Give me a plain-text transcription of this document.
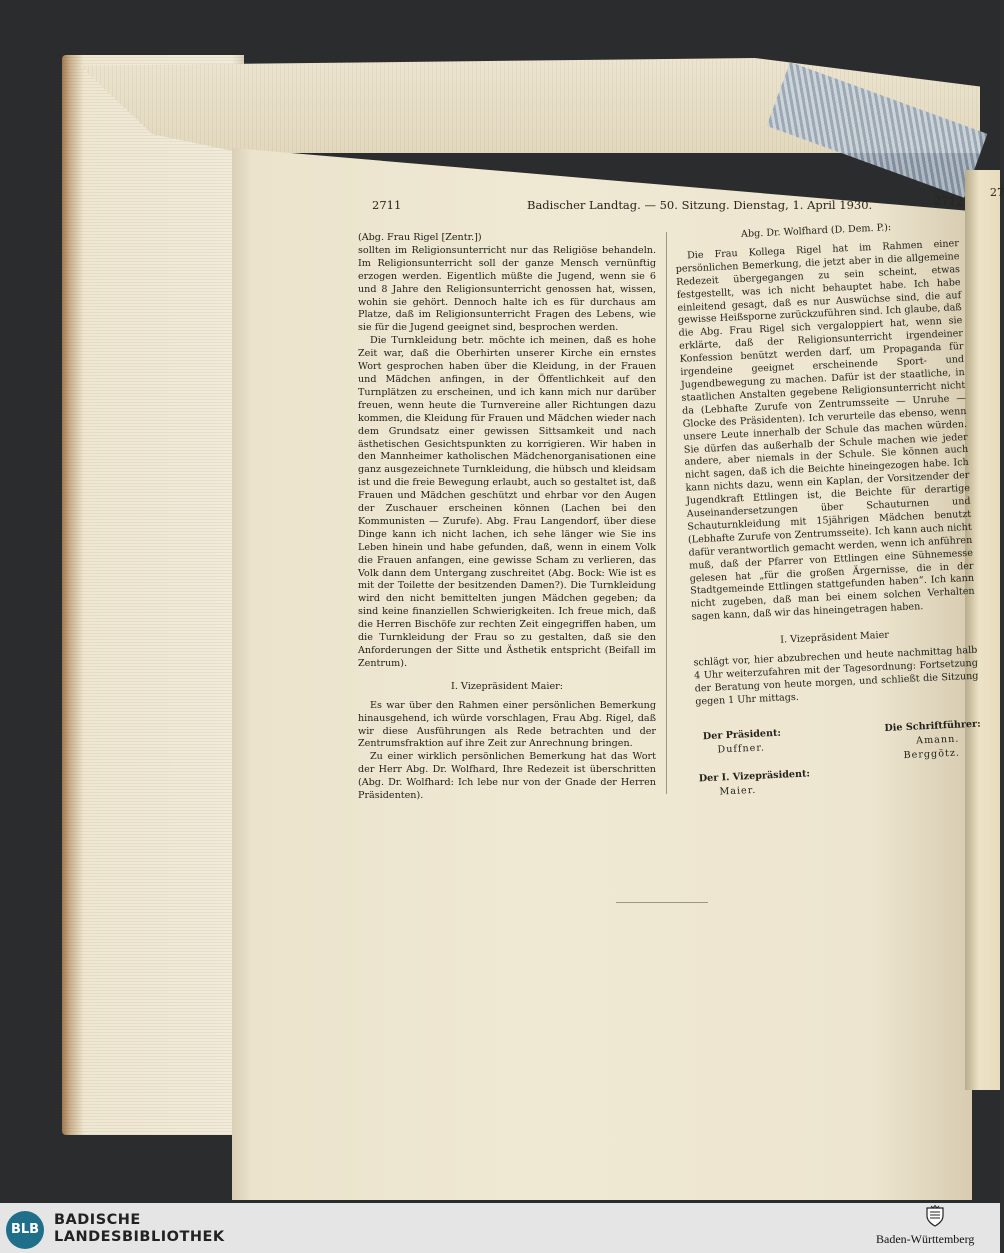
2711	Badischer Landtag. — 50. Sitzung. Dienstag, 1. April 1930.	2712
27

(Abg. Frau Rigel [Zentr.])

sollten im Religionsunterricht nur das Religiöse behandeln. Im Religionsunterricht soll der ganze Mensch vernünftig erzogen werden. Eigentlich müßte die Jugend, wenn sie 6 und 8 Jahre den Religionsunterricht genossen hat, wissen, wohin sie gehört. Dennoch halte ich es für durchaus am Platze, daß im Religionsunterricht Fragen des Lebens, wie sie für die Jugend geeignet sind, besprochen werden.

Die Turnkleidung betr. möchte ich meinen, daß es hohe Zeit war, daß die Oberhirten unserer Kirche ein ernstes Wort gesprochen haben über die Kleidung, in der Frauen und Mädchen anfingen, in der Öffentlichkeit auf den Turnplätzen zu erscheinen, und ich kann mich nur darüber freuen, wenn heute die Turnvereine aller Richtungen dazu kommen, die Kleidung für Frauen und Mädchen wieder nach dem Grundsatz einer gewissen Sittsamkeit und nach ästhetischen Gesichtspunkten zu korrigieren. Wir haben in den Mannheimer katholischen Mädchenorganisationen eine ganz ausgezeichnete Turnkleidung, die hübsch und kleidsam ist und die freie Bewegung erlaubt, auch so gestaltet ist, daß Frauen und Mädchen geschützt und ehrbar vor den Augen der Zuschauer erscheinen können (Lachen bei den Kommunisten — Zurufe). Abg. Frau Langendorf, über diese Dinge kann ich nicht lachen, ich sehe länger wie Sie ins Leben hinein und habe gefunden, daß, wenn in einem Volk die Frauen anfangen, eine gewisse Scham zu verlieren, das Volk dann dem Untergang zuschreitet (Abg. Bock: Wie ist es mit der Toilette der besitzenden Damen?). Die Turnkleidung wird den nicht bemittelten jungen Mädchen gegeben; da sind keine finanziellen Schwierigkeiten. Ich freue mich, daß die Herren Bischöfe zur rechten Zeit eingegriffen haben, um die Turnkleidung der Frau so zu gestalten, daß sie den Anforderungen der Sitte und Ästhetik entspricht (Beifall im Zentrum).

I. Vizepräsident Maier:

Es war über den Rahmen einer persönlichen Bemerkung hinausgehend, ich würde vorschlagen, Frau Abg. Rigel, daß wir diese Ausführungen als Rede betrachten und der Zentrumsfraktion auf ihre Zeit zur Anrechnung bringen.

Zu einer wirklich persönlichen Bemerkung hat das Wort der Herr Abg. Dr. Wolfhard, Ihre Redezeit ist überschritten (Abg. Dr. Wolfhard: Ich lebe nur von der Gnade der Herren Präsidenten).

Abg. Dr. Wolfhard (D. Dem. P.):

Die Frau Kollega Rigel hat im Rahmen einer persönlichen Bemerkung, die jetzt aber in die allgemeine Redezeit übergegangen zu sein scheint, etwas festgestellt, was ich nicht behauptet habe. Ich habe einleitend gesagt, daß es nur Auswüchse sind, die auf gewisse Heißsporne zurückzuführen sind. Ich glaube, daß die Abg. Frau Rigel sich vergaloppiert hat, wenn sie erklärte, daß der Religionsunterricht irgendeiner Konfession benützt werden darf, um Propaganda für irgendeine geeignet erscheinende Sport- und Jugendbewegung zu machen. Dafür ist der staatliche, in staatlichen Anstalten gegebene Religionsunterricht nicht da (Lebhafte Zurufe von Zentrumsseite — Unruhe — Glocke des Präsidenten). Ich verurteile das ebenso, wenn unsere Leute innerhalb der Schule das machen würden. Sie dürfen das außerhalb der Schule machen wie jeder andere, aber niemals in der Schule. Sie können auch nicht sagen, daß ich die Beichte hineingezogen habe. Ich kann nichts dazu, wenn ein Kaplan, der Vorsitzender der Jugendkraft Ettlingen ist, die Beichte für derartige Auseinandersetzungen über Schauturnen und Schauturnkleidung mit 15jährigen Mädchen benutzt (Lebhafte Zurufe von Zentrumsseite). Ich kann auch nicht dafür verantwortlich gemacht werden, wenn ich anführen muß, daß der Pfarrer von Ettlingen eine Sühnemesse gelesen hat „für die großen Ärgernisse, die in der Stadtgemeinde Ettlingen stattgefunden haben“. Ich kann nicht zugeben, daß man bei einem solchen Verhalten sagen kann, daß wir das hineingetragen haben.

I. Vizepräsident Maier

schlägt vor, hier abzubrechen und heute nachmittag halb 4 Uhr weiterzufahren mit der Tagesordnung: Fortsetzung der Beratung von heute morgen, und schließt die Sitzung gegen 1 Uhr mittags.

Der Präsident:
Die Schriftführer:
Duffner.
Amann.
Berggötz.
Der I. Vizepräsident:
Maier.
BLB
BADISCHE
LANDESBIBLIOTHEK	Baden-Württemberg
